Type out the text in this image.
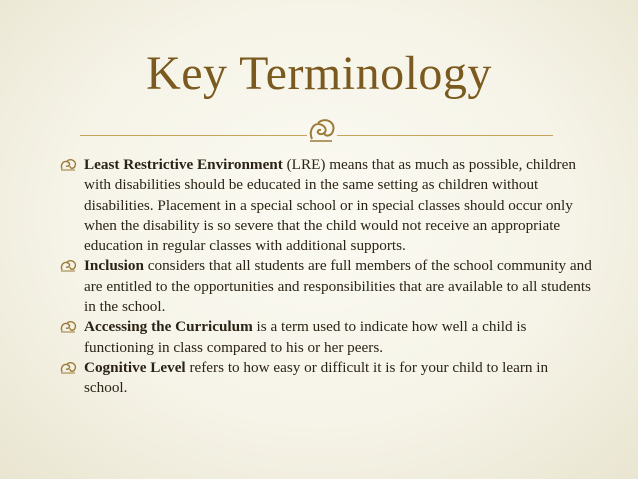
Key Terminology
Least Restrictive Environment (LRE) means that as much as possible, children with disabilities should be educated in the same setting as children without disabilities. Placement in a special school or in special classes should occur only when the disability is so severe that the child would not receive an appropriate education in regular classes with additional supports.
Inclusion considers that all students are full members of the school community and are entitled to the opportunities and responsibilities that are available to all students in the school.
Accessing the Curriculum is a term used to indicate how well a child is functioning in class compared to his or her peers.
Cognitive Level refers to how easy or difficult it is for your child to learn in school.
